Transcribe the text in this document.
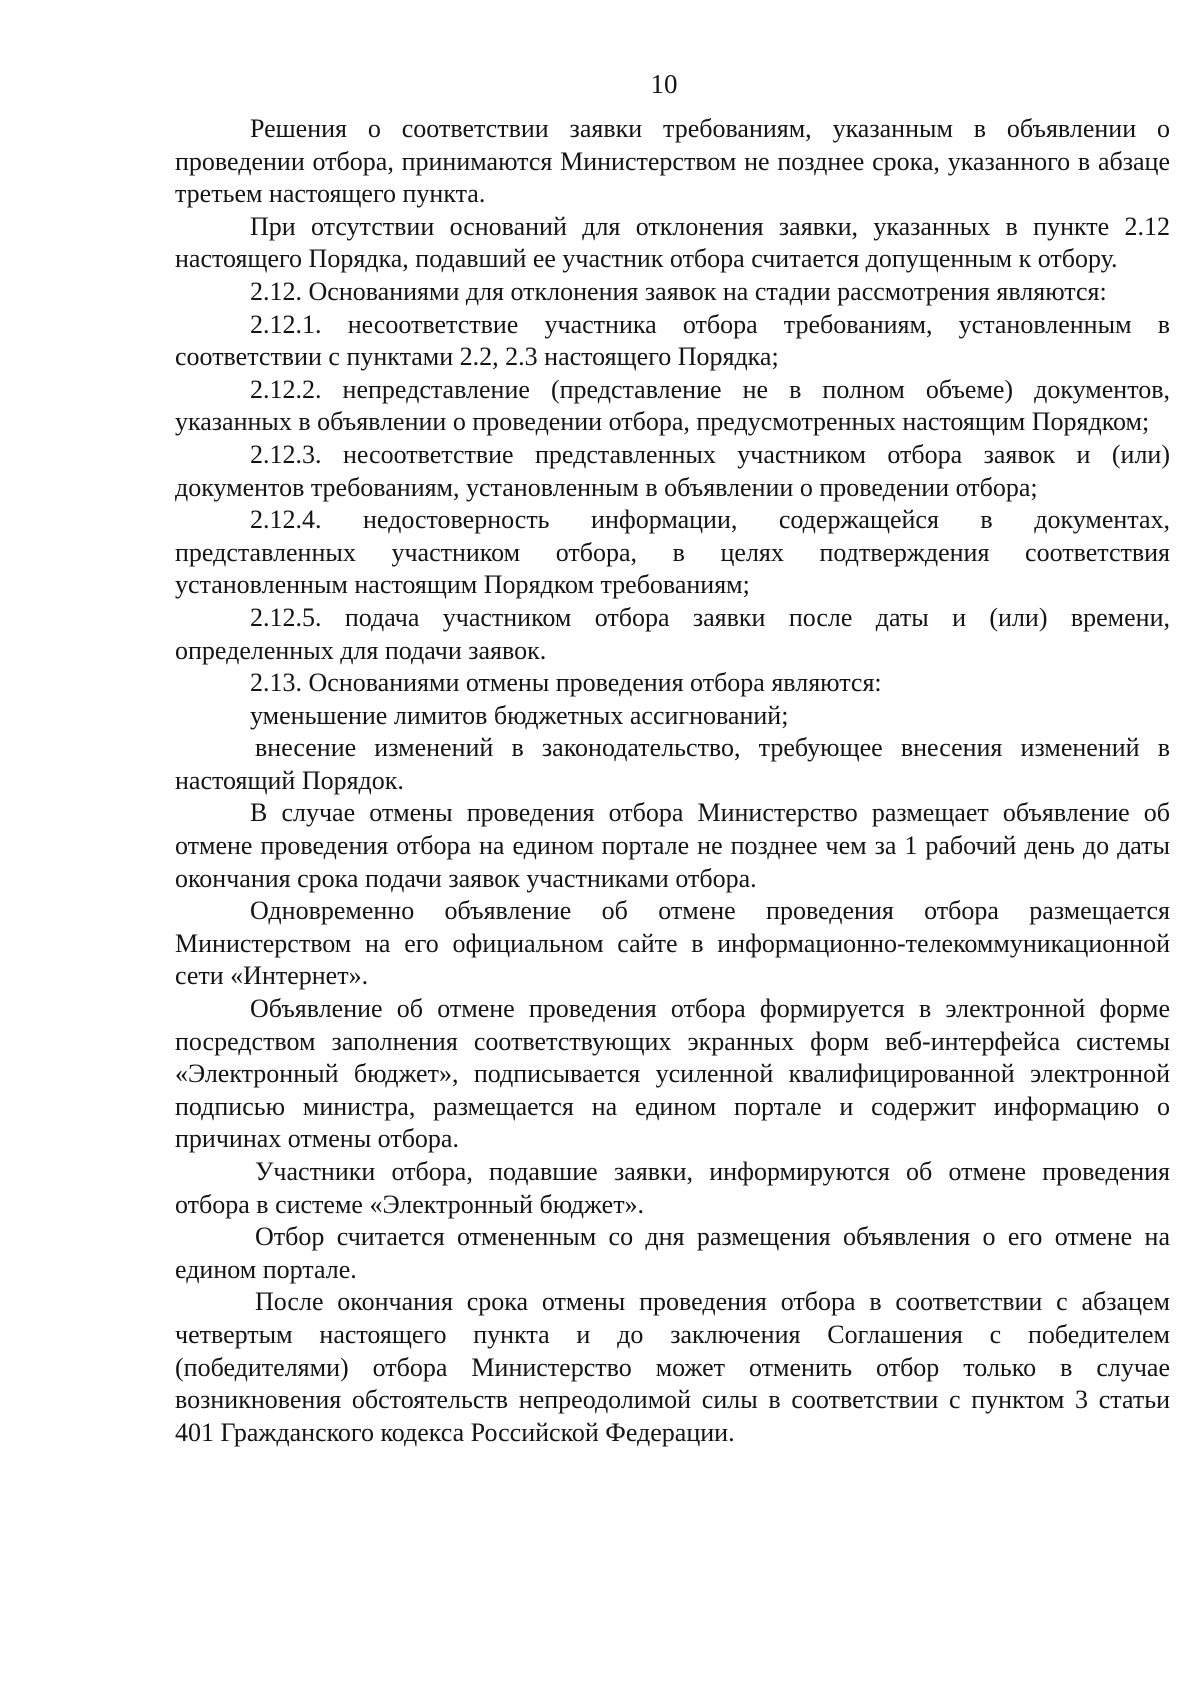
10

Решения о соответствии заявки требованиям, указанным в объявлении о проведении отбора, принимаются Министерством не позднее срока, указанного в абзаце третьем настоящего пункта.

При отсутствии оснований для отклонения заявки, указанных в пункте 2.12 настоящего Порядка, подавший ее участник отбора считается допущенным к отбору.

2.12. Основаниями для отклонения заявок на стадии рассмотрения являются:

2.12.1. несоответствие участника отбора требованиям, установленным в соответствии с пунктами 2.2, 2.3 настоящего Порядка;

2.12.2. непредставление (представление не в полном объеме) документов, указанных в объявлении о проведении отбора, предусмотренных настоящим Порядком;

2.12.3. несоответствие представленных участником отбора заявок и (или) документов требованиям, установленным в объявлении о проведении отбора;

2.12.4. недостоверность информации, содержащейся в документах, представленных участником отбора, в целях подтверждения соответствия установленным настоящим Порядком требованиям;

2.12.5. подача участником отбора заявки после даты и (или) времени, определенных для подачи заявок.

2.13. Основаниями отмены проведения отбора являются:

уменьшение лимитов бюджетных ассигнований;

внесение изменений в законодательство, требующее внесения изменений в настоящий Порядок.

В случае отмены проведения отбора Министерство размещает объявление об отмене проведения отбора на едином портале не позднее чем за 1 рабочий день до даты окончания срока подачи заявок участниками отбора.

Одновременно объявление об отмене проведения отбора размещается Министерством на его официальном сайте в информационно-телекоммуникационной сети «Интернет».

Объявление об отмене проведения отбора формируется в электронной форме посредством заполнения соответствующих экранных форм веб-интерфейса системы «Электронный бюджет», подписывается усиленной квалифицированной электронной подписью министра, размещается на едином портале и содержит информацию о причинах отмены отбора.

Участники отбора, подавшие заявки, информируются об отмене проведения отбора в системе «Электронный бюджет».

Отбор считается отмененным со дня размещения объявления о его отмене на едином портале.

После окончания срока отмены проведения отбора в соответствии с абзацем четвертым настоящего пункта и до заключения Соглашения с победителем (победителями) отбора Министерство может отменить отбор только в случае возникновения обстоятельств непреодолимой силы в соответствии с пунктом 3 статьи 401 Гражданского кодекса Российской Федерации.
